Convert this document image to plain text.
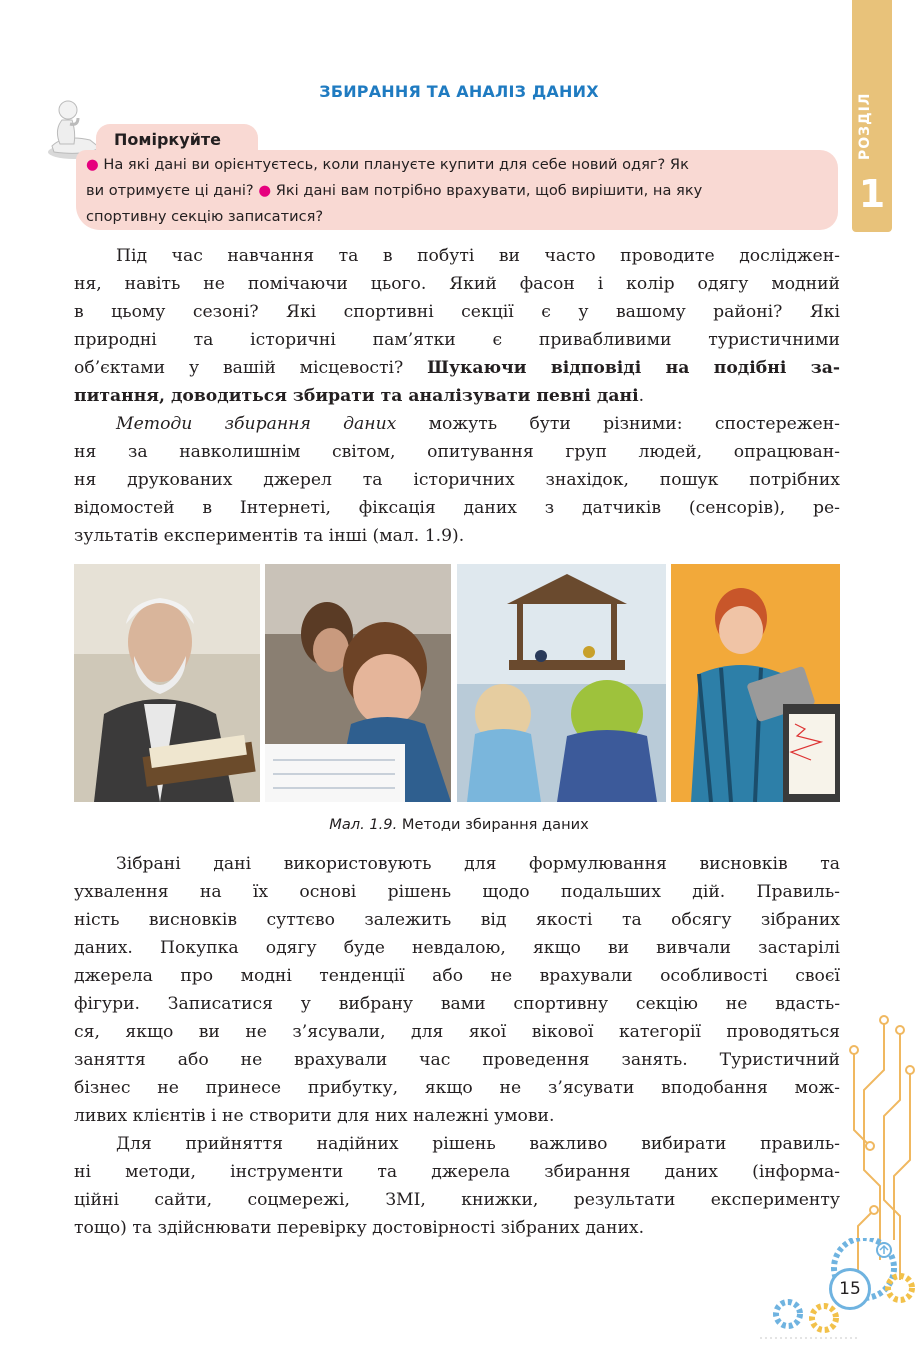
РОЗДІЛ
1
ЗБИРАННЯ ТА АНАЛІЗ ДАНИХ
Поміркуйте
● На які дані ви орієнтуєтесь, коли плануєте купити для себе новий одяг? Як
ви отримуєте ці дані? ● Які дані вам потрібно врахувати, щоб вирішити, на яку
спортивну секцію записатися?
Під час навчання та в побуті ви часто проводите досліджен-
ня, навіть не помічаючи цього. Який фасон і колір одягу модний
в цьому сезоні? Які спортивні секції є у вашому районі? Які
природні та історичні пам’ятки є привабливими туристичними
об’єктами у вашій місцевості? Шукаючи відповіді на подібні за-
питання, доводиться збирати та аналізувати певні дані.
Методи збирання даних можуть бути різними: спостережен-
ня за навколишнім світом, опитування груп людей, опрацюван-
ня друкованих джерел та історичних знахідок, пошук потрібних
відомостей в Інтернеті, фіксація даних з датчиків (сенсорів), ре-
зультатів експериментів та інші (мал. 1.9).
Мал. 1.9. Методи збирання даних
Зібрані дані використовують для формулювання висновків та
ухвалення на їх основі рішень щодо подальших дій. Правиль-
ність висновків суттєво залежить від якості та обсягу зібраних
даних. Покупка одягу буде невдалою, якщо ви вивчали застарілі
джерела про модні тенденції або не врахували особливості своєї
фігури. Записатися у вибрану вами спортивну секцію не вдасть-
ся, якщо ви не з’ясували, для якої вікової категорії проводяться
заняття або не врахували час проведення занять. Туристичний
бізнес не принесе прибутку, якщо не з’ясувати вподобання мож-
ливих клієнтів і не створити для них належні умови.
Для прийняття надійних рішень важливо вибирати правиль-
ні методи, інструменти та джерела збирання даних (інформа-
ційні сайти, соцмережі, ЗМІ, книжки, результати експерименту
тощо) та здійснювати перевірку достовірності зібраних даних.
15
